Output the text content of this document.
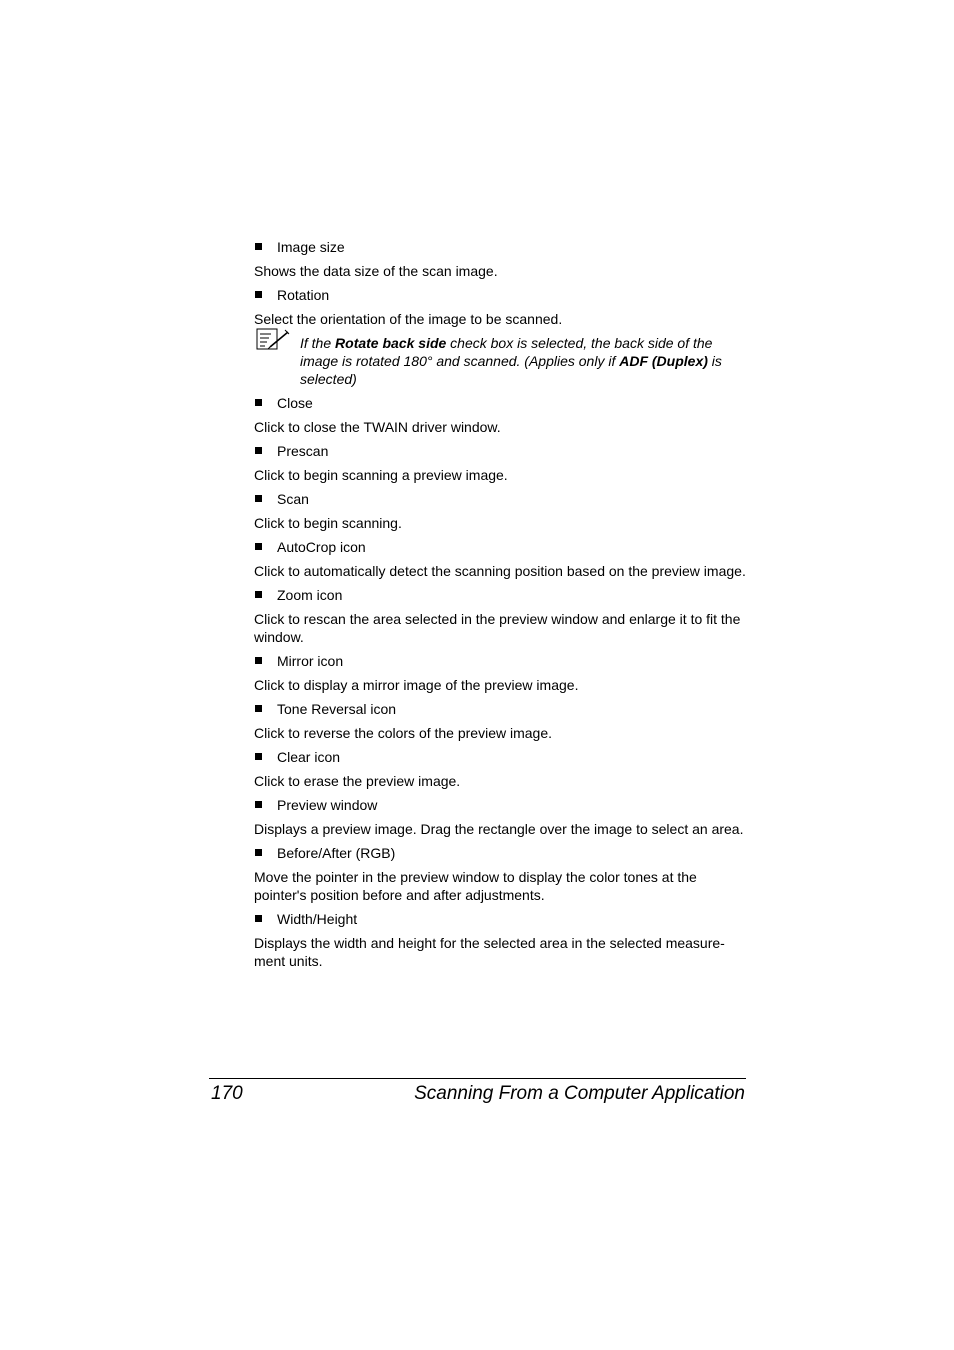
Image size

Shows the data size of the scan image.

Rotation

Select the orientation of the image to be scanned.

If the Rotate back side check box is selected, the back side of the image is rotated 180° and scanned. (Applies only if ADF (Duplex) is selected)
Close

Click to close the TWAIN driver window.

Prescan

Click to begin scanning a preview image.

Scan

Click to begin scanning.

AutoCrop icon

Click to automatically detect the scanning position based on the preview image.

Zoom icon

Click to rescan the area selected in the preview window and enlarge it to fit the window.

Mirror icon

Click to display a mirror image of the preview image.

Tone Reversal icon

Click to reverse the colors of the preview image.

Clear icon

Click to erase the preview image.

Preview window

Displays a preview image. Drag the rectangle over the image to select an area.

Before/After (RGB)

Move the pointer in the preview window to display the color tones at the pointer's position before and after adjustments.

Width/Height

Displays the width and height for the selected area in the selected measure-ment units.

170	Scanning From a Computer Application
